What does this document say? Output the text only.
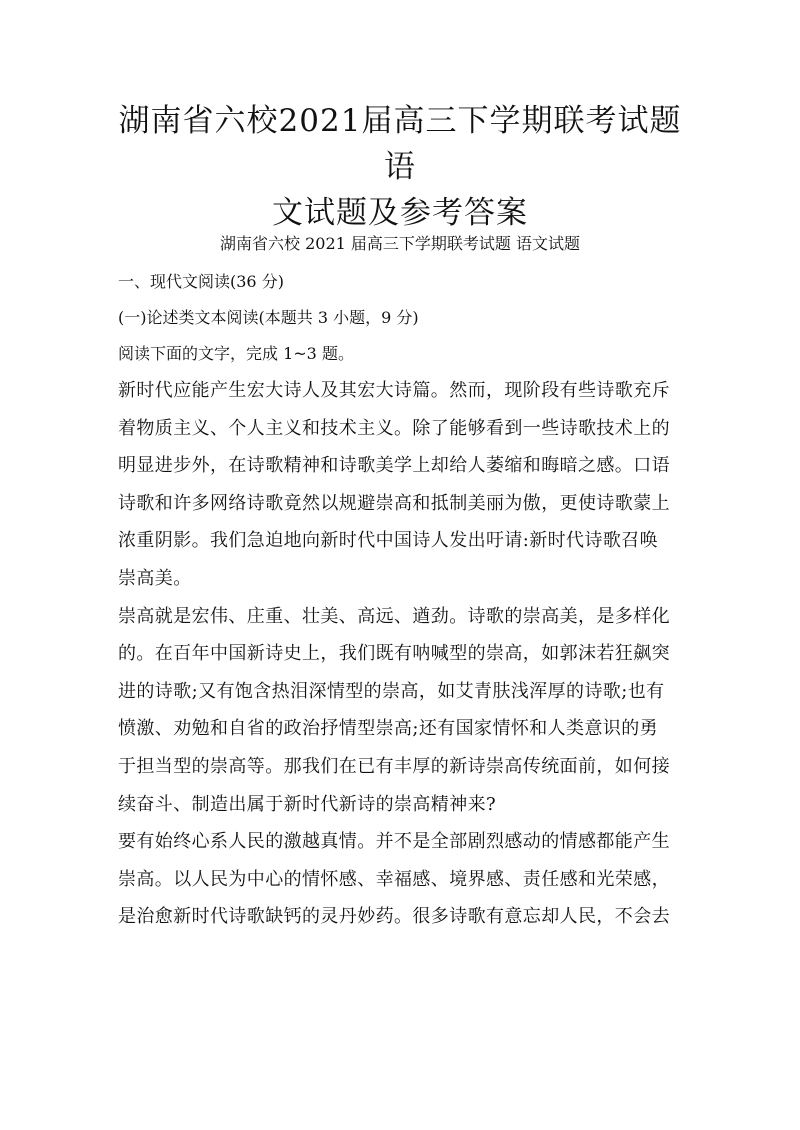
湖南省六校2021届高三下学期联考试题语
文试题及参考答案

湖南省六校 2021 届高三下学期联考试题 语文试题

一、现代文阅读(36 分)

(一)论述类文本阅读(本题共 3 小题，9 分)

阅读下面的文字，完成 1~3 题。

新时代应能产生宏大诗人及其宏大诗篇。然而，现阶段有些诗歌充斥
着物质主义、个人主义和技术主义。除了能够看到一些诗歌技术上的
明显进步外，在诗歌精神和诗歌美学上却给人萎缩和晦暗之感。口语
诗歌和许多网络诗歌竟然以规避崇高和抵制美丽为傲，更使诗歌蒙上
浓重阴影。我们急迫地向新时代中国诗人发出吁请:新时代诗歌召唤
崇高美。
崇高就是宏伟、庄重、壮美、高远、遒劲。诗歌的崇高美，是多样化
的。在百年中国新诗史上，我们既有呐喊型的崇高，如郭沫若狂飙突
进的诗歌;又有饱含热泪深情型的崇高，如艾青肤浅浑厚的诗歌;也有
愤激、劝勉和自省的政治抒情型崇高;还有国家情怀和人类意识的勇
于担当型的崇高等。那我们在已有丰厚的新诗崇高传统面前，如何接
续奋斗、制造出属于新时代新诗的崇高精神来?
要有始终心系人民的激越真情。并不是全部剧烈感动的情感都能产生
崇高。以人民为中心的情怀感、幸福感、境界感、责任感和光荣感，
是治愈新时代诗歌缺钙的灵丹妙药。很多诗歌有意忘却人民，不会去
